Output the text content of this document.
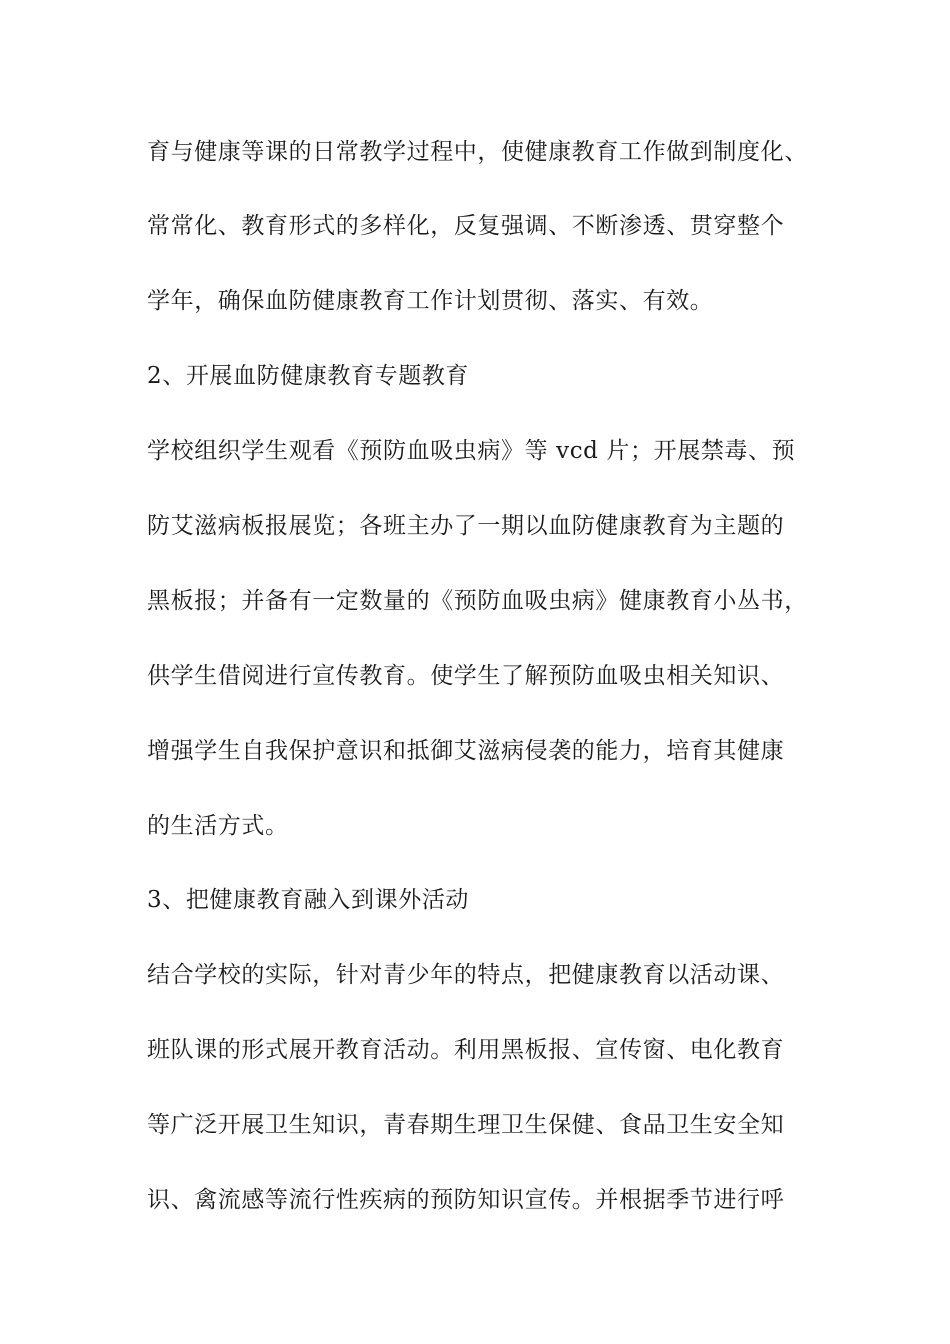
育与健康等课的日常教学过程中，使健康教育工作做到制度化、
常常化、教育形式的多样化，反复强调、不断渗透、贯穿整个
学年，确保血防健康教育工作计划贯彻、落实、有效。
2、开展血防健康教育专题教育
学校组织学生观看《预防血吸虫病》等 vcd 片；开展禁毒、预
防艾滋病板报展览；各班主办了一期以血防健康教育为主题的
黑板报；并备有一定数量的《预防血吸虫病》健康教育小丛书，
供学生借阅进行宣传教育。使学生了解预防血吸虫相关知识、
增强学生自我保护意识和抵御艾滋病侵袭的能力，培育其健康
的生活方式。
3、把健康教育融入到课外活动
结合学校的实际，针对青少年的特点，把健康教育以活动课、
班队课的形式展开教育活动。利用黑板报、宣传窗、电化教育
等广泛开展卫生知识，青春期生理卫生保健、食品卫生安全知
识、禽流感等流行性疾病的预防知识宣传。并根据季节进行呼
